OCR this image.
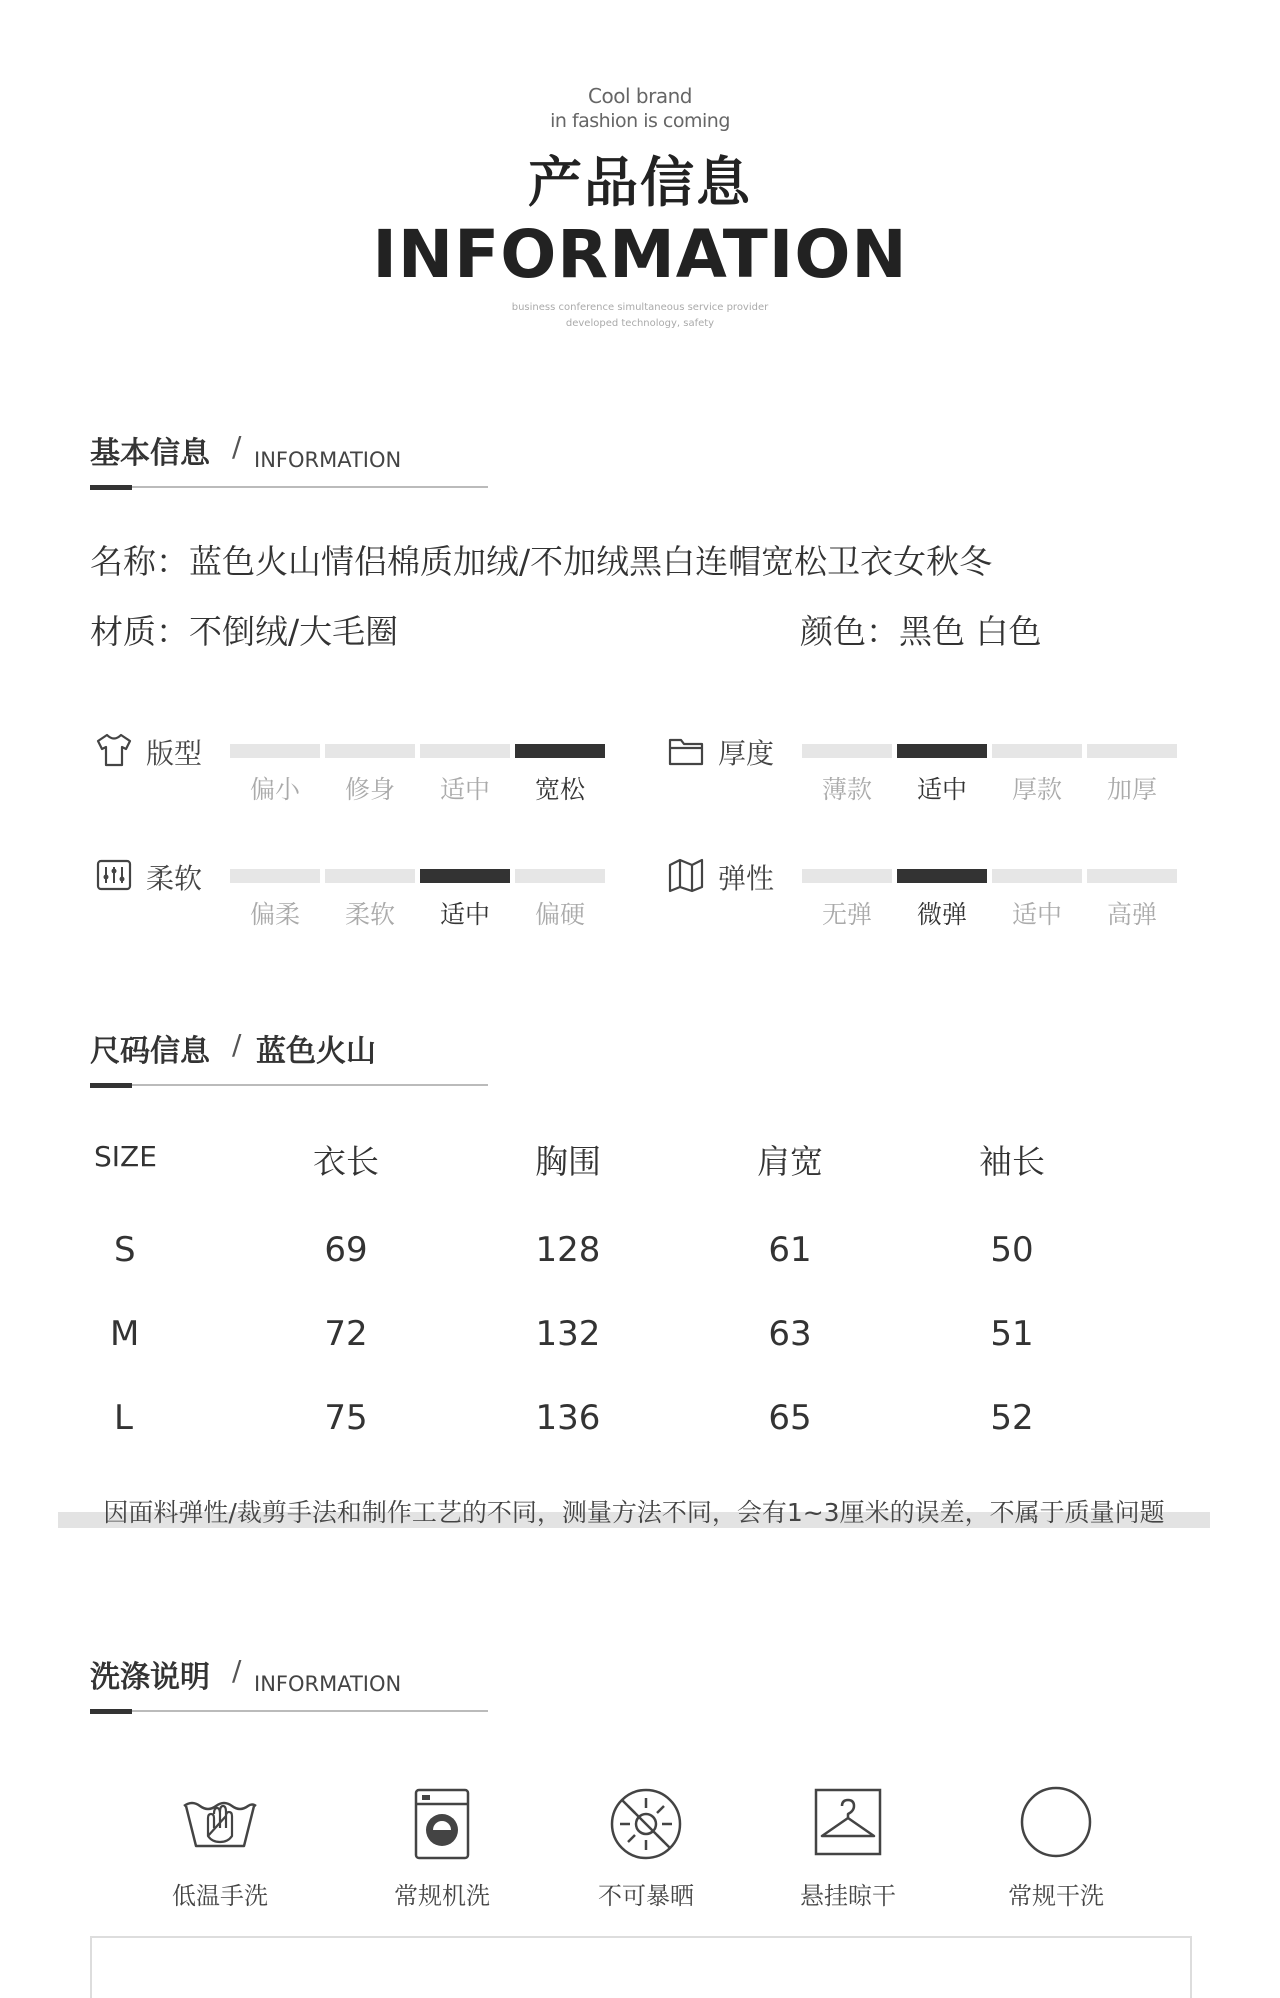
Cool brand
in fashion is coming
产品信息
INFORMATION
business conference simultaneous service provider
developed technology, safety
基本信息 / INFORMATION
名称：蓝色火山情侣棉质加绒/不加绒黑白连帽宽松卫衣女秋冬
材质：不倒绒/大毛圈	颜色：黑色 白色
版型
偏小	修身	适中	宽松
厚度
薄款	适中	厚款	加厚
柔软
偏柔	柔软	适中	偏硬
弹性
无弹	微弹	适中	高弹
尺码信息 / 蓝色火山
SIZE	衣长	胸围	肩宽	袖长
S	69	128	61	50
M	72	132	63	51
L	75	136	65	52
因面料弹性/裁剪手法和制作工艺的不同，测量方法不同，会有1~3厘米的误差，不属于质量问题
洗涤说明 / INFORMATION
低温手洗	常规机洗	不可暴晒	悬挂晾干	常规干洗
